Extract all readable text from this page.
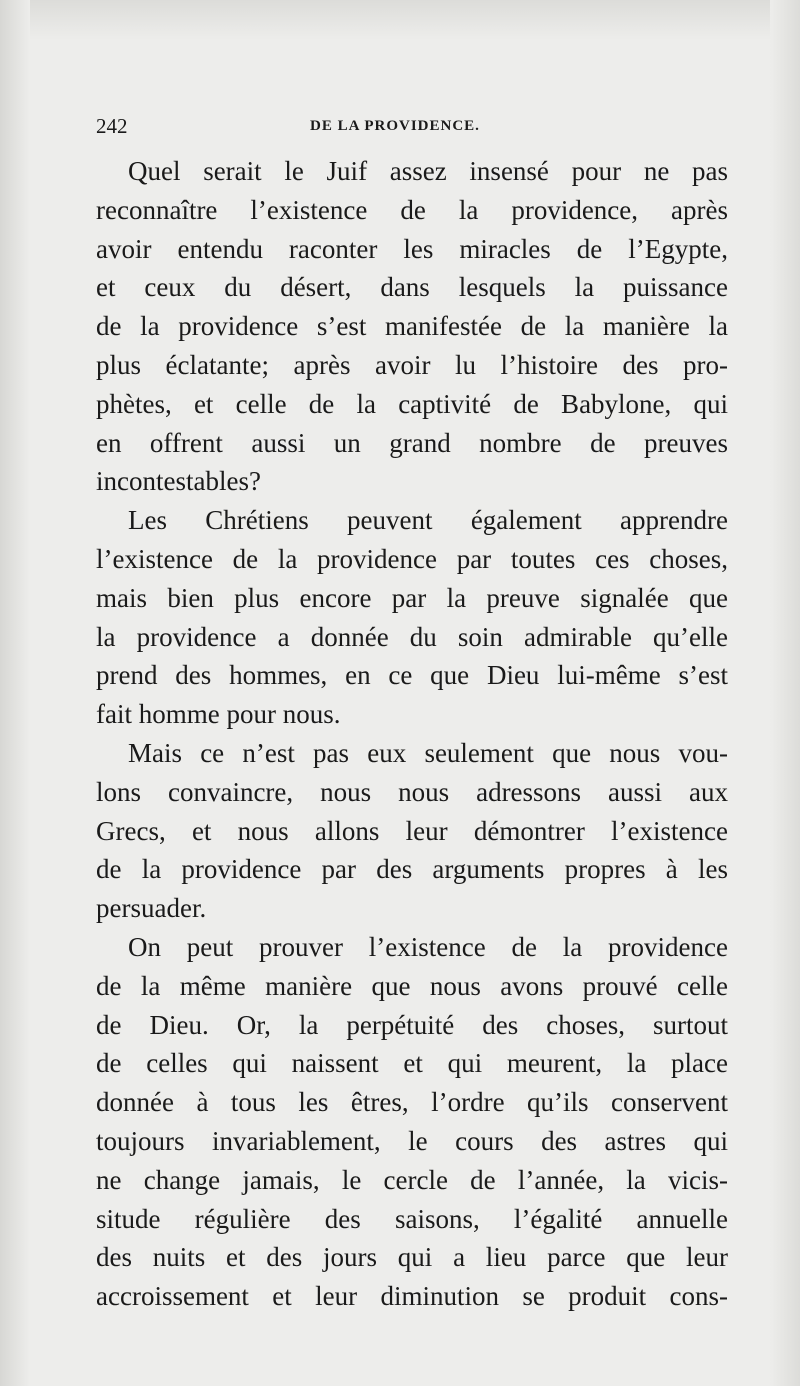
242	DE LA PROVIDENCE.

Quel serait le Juif assez insensé pour ne pas
reconnaître l’existence de la providence, après
avoir entendu raconter les miracles de l’Egypte,
et ceux du désert, dans lesquels la puissance
de la providence s’est manifestée de la manière la
plus éclatante; après avoir lu l’histoire des pro-
phètes, et celle de la captivité de Babylone, qui
en offrent aussi un grand nombre de preuves
incontestables?

Les Chrétiens peuvent également apprendre
l’existence de la providence par toutes ces choses,
mais bien plus encore par la preuve signalée que
la providence a donnée du soin admirable qu’elle
prend des hommes, en ce que Dieu lui-même s’est
fait homme pour nous.

Mais ce n’est pas eux seulement que nous vou-
lons convaincre, nous nous adressons aussi aux
Grecs, et nous allons leur démontrer l’existence
de la providence par des arguments propres à les
persuader.

On peut prouver l’existence de la providence
de la même manière que nous avons prouvé celle
de Dieu. Or, la perpétuité des choses, surtout
de celles qui naissent et qui meurent, la place
donnée à tous les êtres, l’ordre qu’ils conservent
toujours invariablement, le cours des astres qui
ne change jamais, le cercle de l’année, la vicis-
situde régulière des saisons, l’égalité annuelle
des nuits et des jours qui a lieu parce que leur
accroissement et leur diminution se produit cons-
